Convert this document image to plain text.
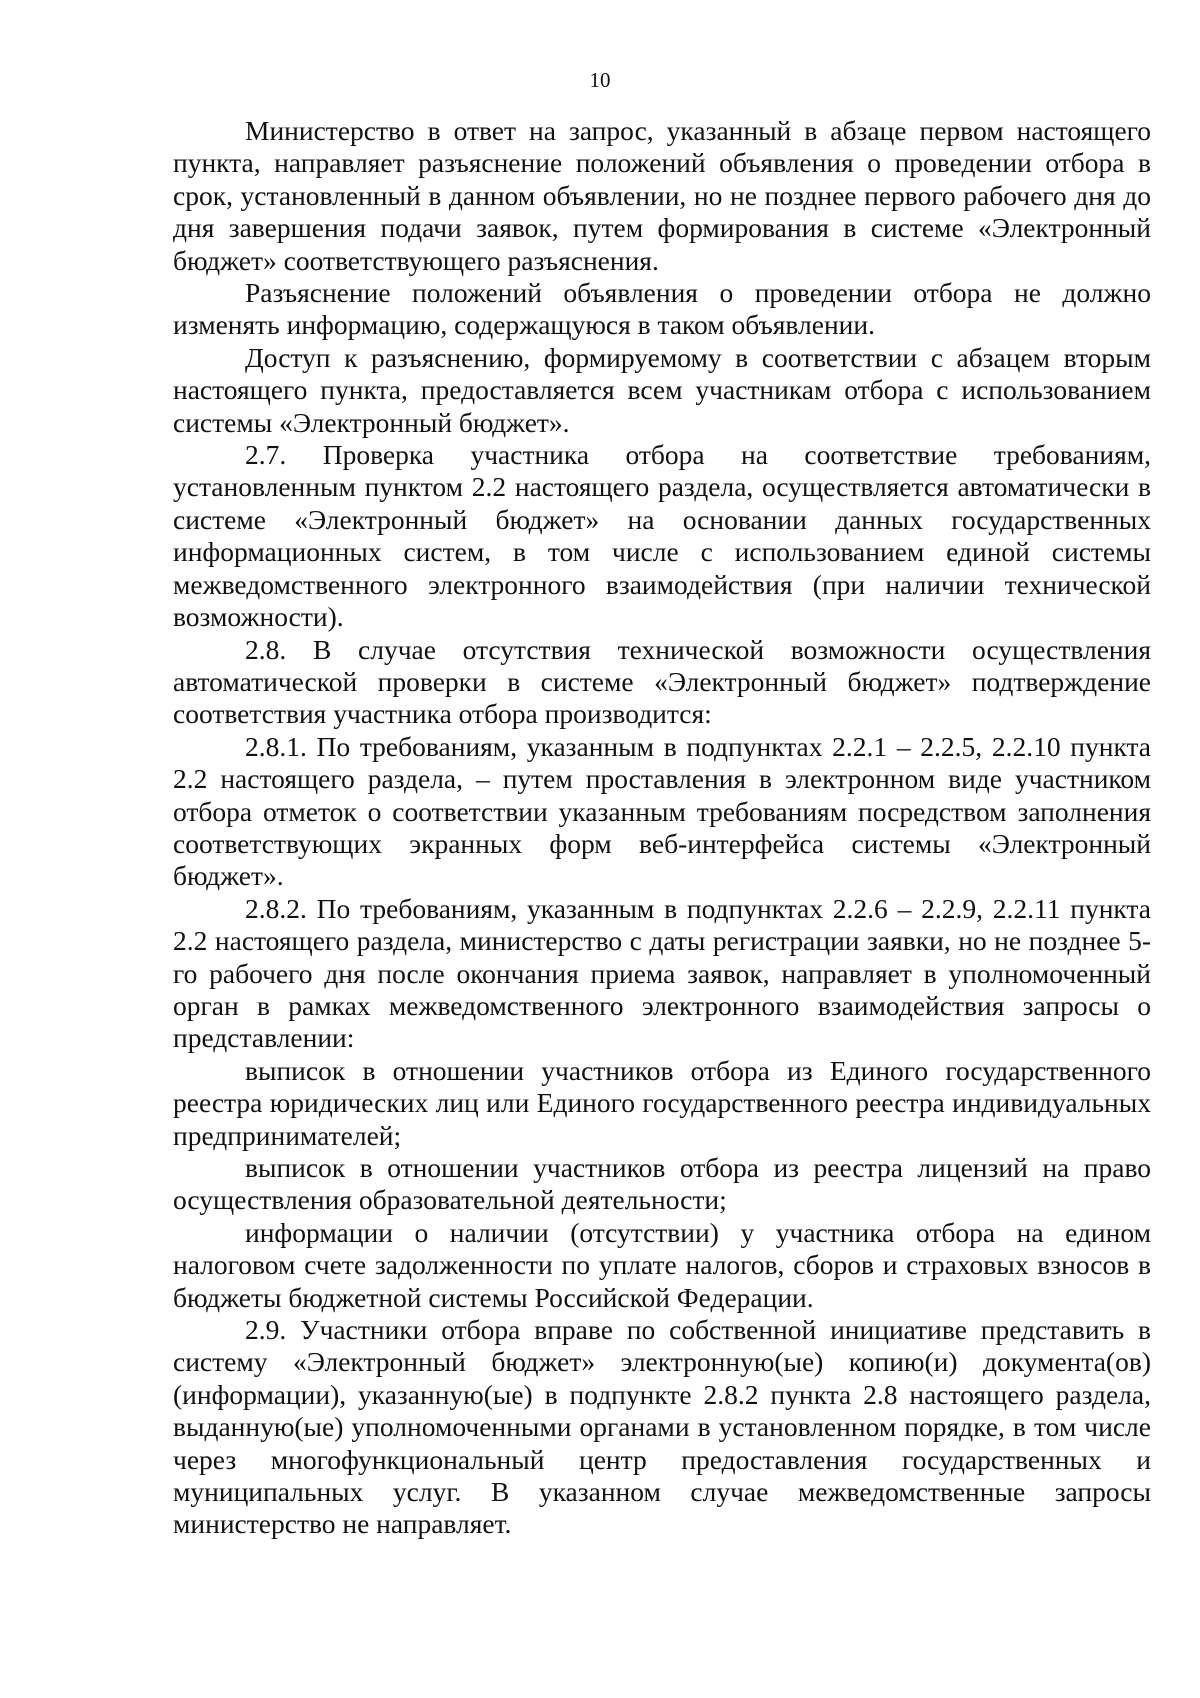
10

Министерство в ответ на запрос, указанный в абзаце первом настоящего пункта, направляет разъяснение положений объявления о проведении отбора в срок, установленный в данном объявлении, но не позднее первого рабочего дня до дня завершения подачи заявок, путем формирования в системе «Электронный бюджет» соответствующего разъяснения.

Разъяснение положений объявления о проведении отбора не должно изменять информацию, содержащуюся в таком объявлении.

Доступ к разъяснению, формируемому в соответствии с абзацем вторым настоящего пункта, предоставляется всем участникам отбора с использованием системы «Электронный бюджет».

2.7. Проверка участника отбора на соответствие требованиям, установленным пунктом 2.2 настоящего раздела, осуществляется автоматически в системе «Электронный бюджет» на основании данных государственных информационных систем, в том числе с использованием единой системы межведомственного электронного взаимодействия (при наличии технической возможности).

2.8. В случае отсутствия технической возможности осуществления автоматической проверки в системе «Электронный бюджет» подтверждение соответствия участника отбора производится:

2.8.1. По требованиям, указанным в подпунктах 2.2.1 – 2.2.5, 2.2.10 пункта 2.2 настоящего раздела, – путем проставления в электронном виде участником отбора отметок о соответствии указанным требованиям посредством заполнения соответствующих экранных форм веб-интерфейса системы «Электронный бюджет».

2.8.2. По требованиям, указанным в подпунктах 2.2.6 – 2.2.9, 2.2.11 пункта 2.2 настоящего раздела, министерство с даты регистрации заявки, но не позднее 5-го рабочего дня после окончания приема заявок, направляет в уполномоченный орган в рамках межведомственного электронного взаимодействия запросы о представлении:

выписок в отношении участников отбора из Единого государственного реестра юридических лиц или Единого государственного реестра индивидуальных предпринимателей;

выписок в отношении участников отбора из реестра лицензий на право осуществления образовательной деятельности;

информации о наличии (отсутствии) у участника отбора на едином налоговом счете задолженности по уплате налогов, сборов и страховых взносов в бюджеты бюджетной системы Российской Федерации.

2.9. Участники отбора вправе по собственной инициативе представить в систему «Электронный бюджет» электронную(ые) копию(и) документа(ов) (информации), указанную(ые) в подпункте 2.8.2 пункта 2.8 настоящего раздела, выданную(ые) уполномоченными органами в установленном порядке, в том числе через многофункциональный центр предоставления государственных и муниципальных услуг. В указанном случае межведомственные запросы министерство не направляет.
